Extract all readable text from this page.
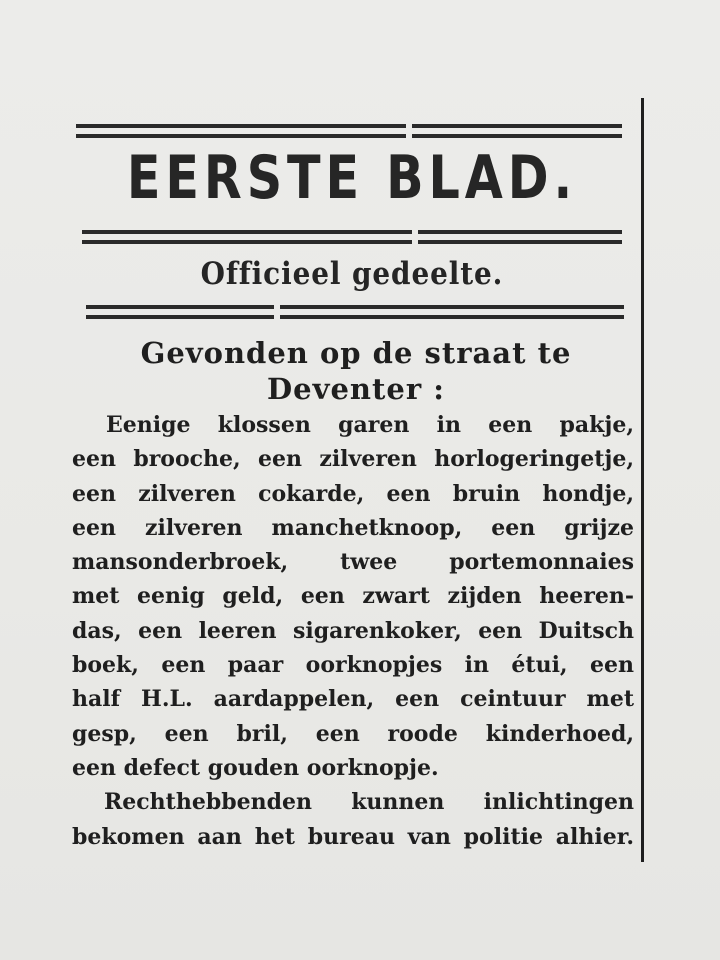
EERSTE BLAD.
Officieel gedeelte.
Gevonden op de straat te
Deventer :
Eenige klossen garen in een pakje,
een brooche, een zilveren horlogeringetje,
een zilveren cokarde, een bruin hondje,
een zilveren manchetknoop, een grijze
mansonderbroek, twee portemonnaies
met eenig geld, een zwart zijden heeren-
das, een leeren sigarenkoker, een Duitsch
boek, een paar oorknopjes in étui, een
half H.L. aardappelen, een ceintuur met
gesp, een bril, een roode kinderhoed,
een defect gouden oorknopje.
Rechthebbenden kunnen inlichtingen
bekomen aan het bureau van politie alhier.
